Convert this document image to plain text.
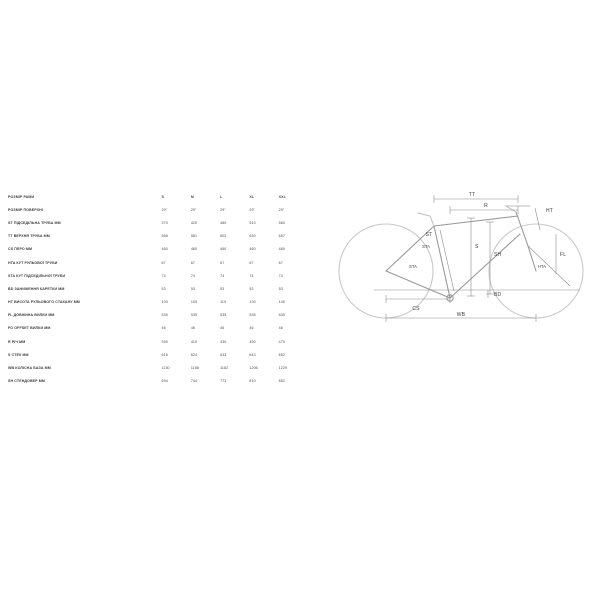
РОЗМІР РАМИ	S	M	L	XL	XXL
РОЗМІР ПОВЕРХНІ	29"	29"	29"	29"	29"
ST ПІДСЕДІЛЬНА ТРУБА ММ	370	420	480	510	560
TT ВЕРХНЯ ТРУБА ММ	558	581	603	630	657
CS ПЕРО ММ	460	460	460	460	460
HTA КУТ РУЛЬОВОЇ ТРУБИ	67	67	67	67	67
STA КУТ ПІДСЕДІЛЬНОЇ ТРУБИ	74	74	74	74	74
BD ЗАНИЖЕННЯ КАРЕТКИ ММ	53	53	53	53	53
HT ВИСОТА РУЛЬОВОГО СТАКАНУ ММ	100	109	119	130	140
FL ДОВЖИНА ВИЛКИ ММ	535	535	535	535	535
FO OFFSET ВИЛКИ ММ	46	46	46	46	46
R РІЧ ММ	390	410	430	450	470
S СТЕК ММ	615	624	633	643	652
WB КОЛІСНА БАЗА ММ	1130	1158	1182	1206	1229
SH СТЕНДОВЕР ММ	694	744	773	810	852
TT
R
HT
ST
S
SH	FL
STA
STA	HTA
CS
BD
WB
